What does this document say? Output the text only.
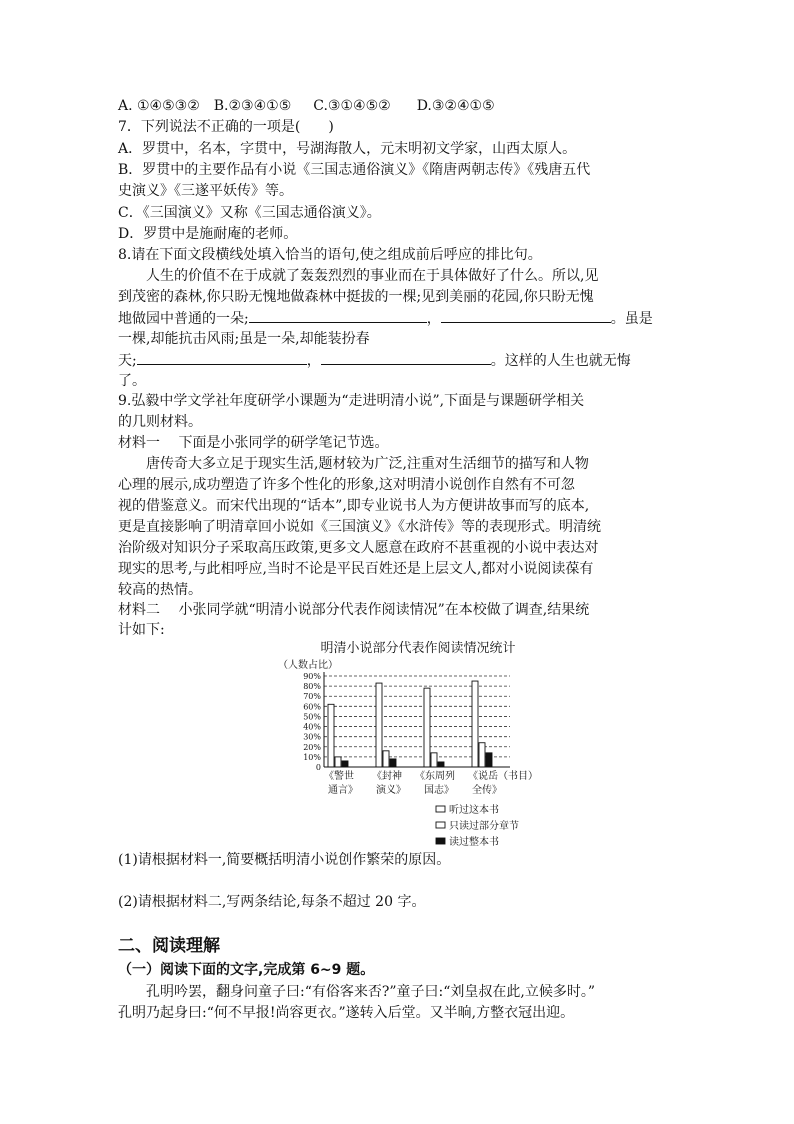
A. ①④⑤③② B.②③④①⑤ C.③①④⑤② D.③②④①⑤
7．下列说法不正确的一项是(　　)
A．罗贯中，名本，字贯中，号湖海散人，元末明初文学家，山西太原人。
B．罗贯中的主要作品有小说《三国志通俗演义》《隋唐两朝志传》《残唐五代
史演义》《三遂平妖传》等。
C．《三国演义》又称《三国志通俗演义》。
D．罗贯中是施耐庵的老师。
8.请在下面文段横线处填入恰当的语句,使之组成前后呼应的排比句。
人生的价值不在于成就了轰轰烈烈的事业而在于具体做好了什么。所以,见
到茂密的森林,你只盼无愧地做森林中挺拔的一棵;见到美丽的花园,你只盼无愧
地做园中普通的一朵;	，	。虽是
一棵,却能抗击风雨;虽是一朵,却能装扮春
天;	，	。这样的人生也就无悔
了。
9.弘毅中学文学社年度研学小课题为“走进明清小说”,下面是与课题研学相关
的几则材料。
材料一　 下面是小张同学的研学笔记节选。
唐传奇大多立足于现实生活,题材较为广泛,注重对生活细节的描写和人物
心理的展示,成功塑造了许多个性化的形象,这对明清小说创作自然有不可忽
视的借鉴意义。而宋代出现的“话本”,即专业说书人为方便讲故事而写的底本,
更是直接影响了明清章回小说如《三国演义》《水浒传》等的表现形式。明清统
治阶级对知识分子采取高压政策,更多文人愿意在政府不甚重视的小说中表达对
现实的思考,与此相呼应,当时不论是平民百姓还是上层文人,都对小说阅读葆有
较高的热情。
材料二　 小张同学就“明清小说部分代表作阅读情况”在本校做了调查,结果统
计如下:
明清小说部分代表作阅读情况统计
（人数占比）
0
10%
20%
30%
40%
50%
60%
70%
80%
90%
《警世
通言》
《封神
演义》
《东周列
国志》
《说岳
全传》
（书目）
听过这本书
只读过部分章节
读过整本书
(1)请根据材料一,简要概括明清小说创作繁荣的原因。
(2)请根据材料二,写两条结论,每条不超过 20 字。
二、阅读理解
（一）阅读下面的文字,完成第 6~9 题。
孔明吟罢，翻身问童子曰:“有俗客来否?”童子曰:“刘皇叔在此,立候多时。”
孔明乃起身曰:“何不早报!尚容更衣。”遂转入后堂。又半晌,方整衣冠出迎。
